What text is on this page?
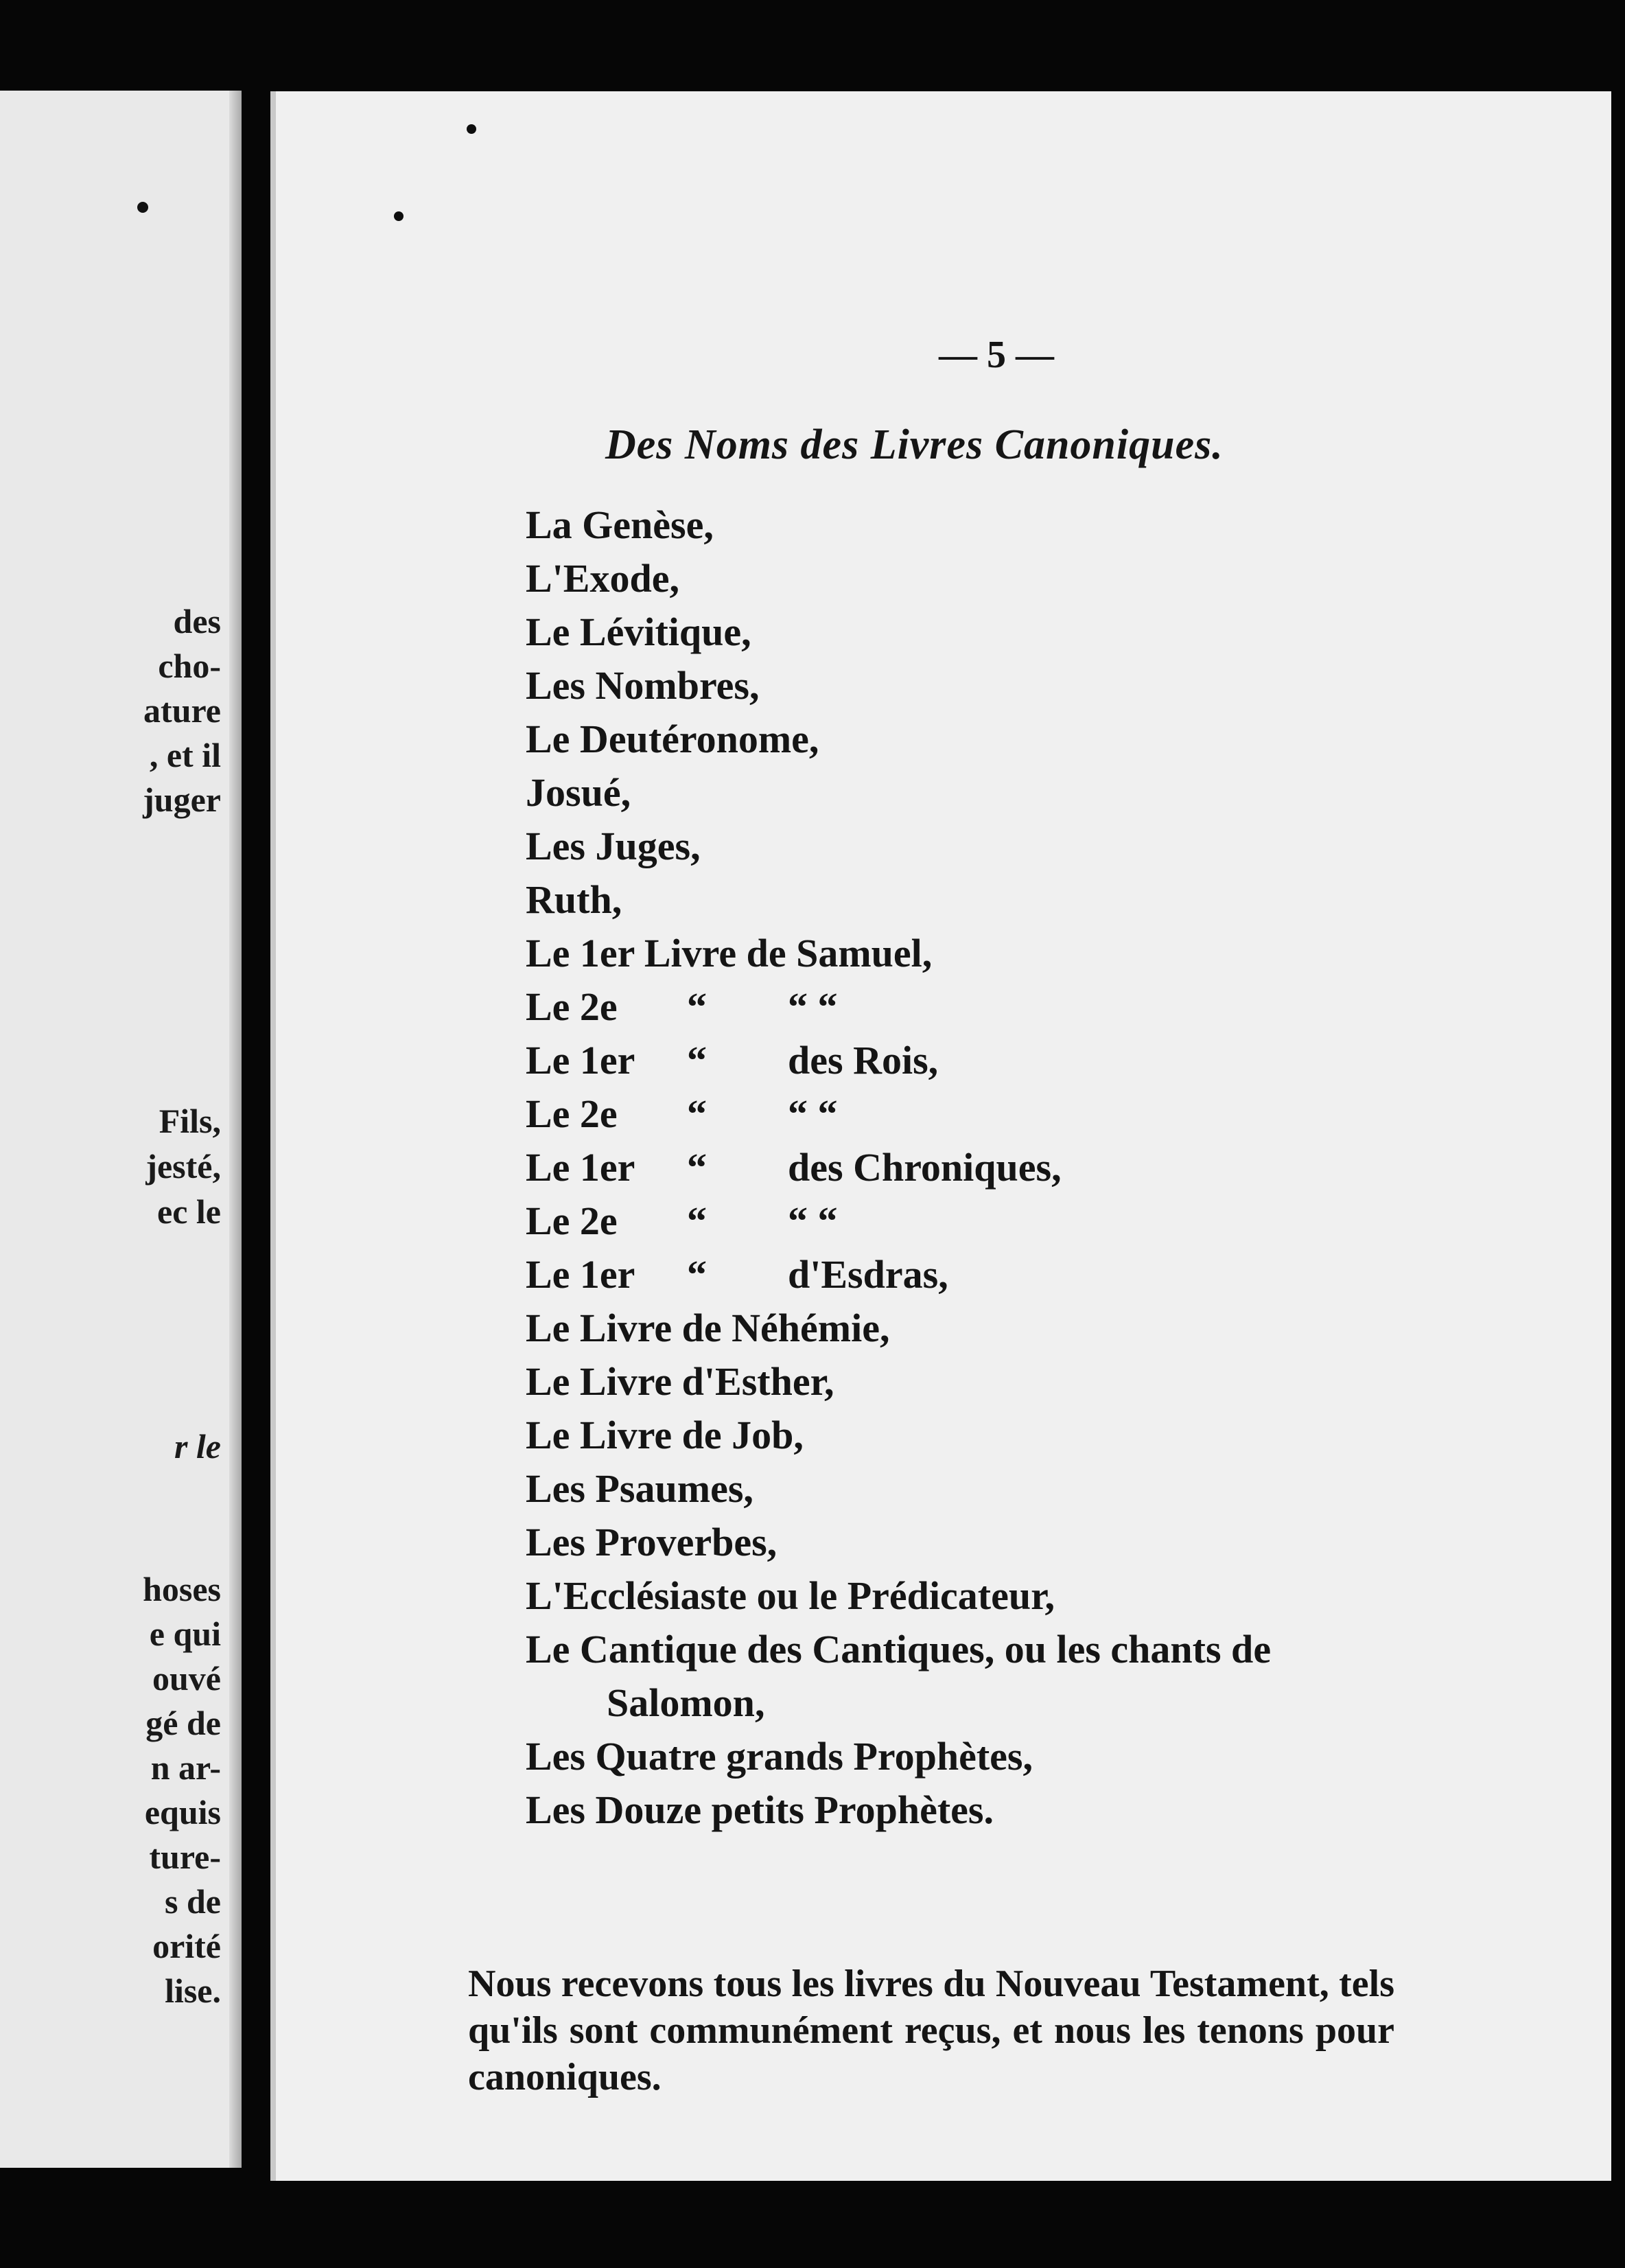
des
cho-
ature
, et il
juger
Fils,
jesté,
ec le
r le
hoses
e qui
ouvé
gé de
n ar-
equis
ture-
s de
orité
lise.
— 5 —
Des Noms des Livres Canoniques.
La Genèse,
L'Exode,
Le Lévitique,
Les Nombres,
Le Deutéronome,
Josué,
Les Juges,
Ruth,
Le 1er Livre de Samuel,
Le 2e “ “ “
Le 1er “ des Rois,
Le 2e “ “ “
Le 1er “ des Chroniques,
Le 2e “ “ “
Le 1er “ d'Esdras,
Le Livre de Néhémie,
Le Livre d'Esther,
Le Livre de Job,
Les Psaumes,
Les Proverbes,
L'Ecclésiaste ou le Prédicateur,
Le Cantique des Cantiques, ou les chants de
Salomon,
Les Quatre grands Prophètes,
Les Douze petits Prophètes.
Nous recevons tous les livres du Nouveau Testament, tels qu'ils sont communément reçus, et nous les tenons pour canoniques.
